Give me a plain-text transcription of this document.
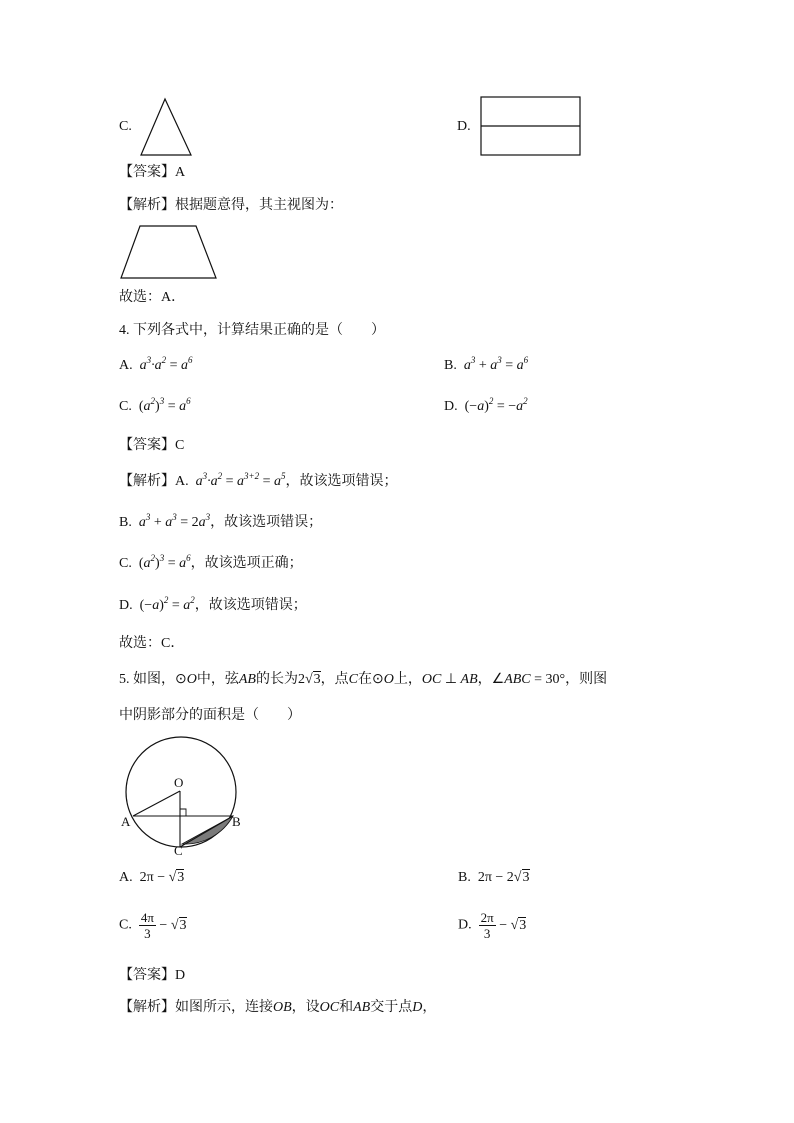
C.	D.
【答案】A
【解析】根据题意得，其主视图为：
故选：A．
4. 下列各式中，计算结果正确的是（　　）
A. $a^3\cdot a^2 = a^6$	B. $a^3 + a^3 = a^6$
C. $(a^2)^3 = a^6$	D. $(-a)^2 = -a^2$
【答案】C
【解析】A. $a^3\cdot a^2 = a^{3+2} = a^5$，故该选项错误；
B. $a^3 + a^3 = 2a^3$，故该选项错误；
C. $(a^2)^3 = a^6$，故该选项正确；
D. $(-a)^2 = a^2$，故该选项错误；
故选：C．
5. 如图，⊙O中，弦AB的长为2√3，点C在⊙O上，OC ⊥ AB，∠ABC = 30°，则图
中阴影部分的面积是（　　）
O
A	B
C
A. 2π − √3	B. 2π − 2√3
C. $\frac{4\pi}{3} - √3$	D. $\frac{2\pi}{3} - √3$
【答案】D
【解析】如图所示，连接OB，设OC和AB交于点D，
